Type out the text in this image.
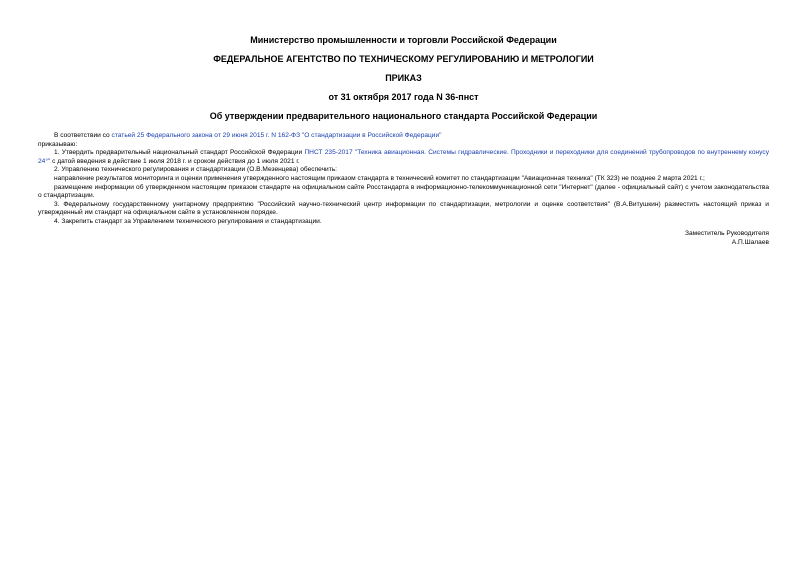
Министерство промышленности и торговли Российской Федерации
ФЕДЕРАЛЬНОЕ АГЕНТСТВО ПО ТЕХНИЧЕСКОМУ РЕГУЛИРОВАНИЮ И МЕТРОЛОГИИ
ПРИКАЗ
от 31 октября 2017 года N 36-пнст
Об утверждении предварительного национального стандарта Российской Федерации

В соответствии со статьей 25 Федерального закона от 29 июня 2015 г. N 162-ФЗ "О стандартизации в Российской Федерации"

приказываю:

1. Утвердить предварительный национальный стандарт Российской Федерации ПНСТ 235-2017 "Техника авиационная. Системы гидравлические. Проходники и переходники для соединений трубопроводов по внутреннему конусу 24°" с датой введения в действие 1 июля 2018 г. и сроком действия до 1 июля 2021 г.

2. Управлению технического регулирования и стандартизации (О.В.Мезенцева) обеспечить:

направление результатов мониторинга и оценки применения утвержденного настоящим приказом стандарта в технический комитет по стандартизации "Авиационная техника" (ТК 323) не позднее 2 марта 2021 г.;

размещение информации об утвержденном настоящим приказом стандарте на официальном сайте Росстандарта в информационно-телекоммуникационной сети "Интернет" (далее - официальный сайт) с учетом законодательства о стандартизации.

3. Федеральному государственному унитарному предприятию "Российский научно-технический центр информации по стандартизации, метрологии и оценке соответствия" (В.А.Витушкин) разместить настоящий приказ и утвержденный им стандарт на официальном сайте в установленном порядке.

4. Закрепить стандарт за Управлением технического регулирования и стандартизации.

Заместитель Руководителя
А.П.Шалаев
